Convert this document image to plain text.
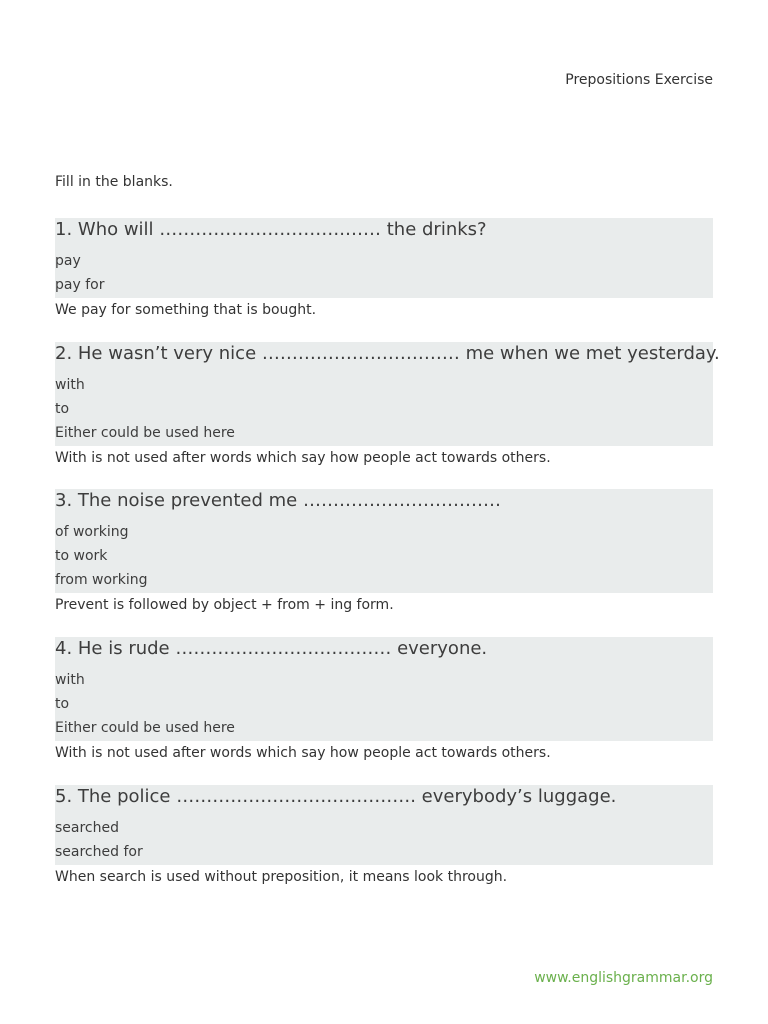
Prepositions Exercise
Fill in the blanks.
1. Who will ………………………….…… the drinks?
pay
pay for
We pay for something that is bought.
2. He wasn’t very nice …………………………… me when we met yesterday.
with
to
Either could be used here
With is not used after words which say how people act towards others.
3. The noise prevented me ……………………………
of working
to work
from working
Prevent is followed by object + from + ing form.
4. He is rude ……………………………… everyone.
with
to
Either could be used here
With is not used after words which say how people act towards others.
5. The police …………………………………. everybody’s luggage.
searched
searched for
When search is used without preposition, it means look through.
www.englishgrammar.org
